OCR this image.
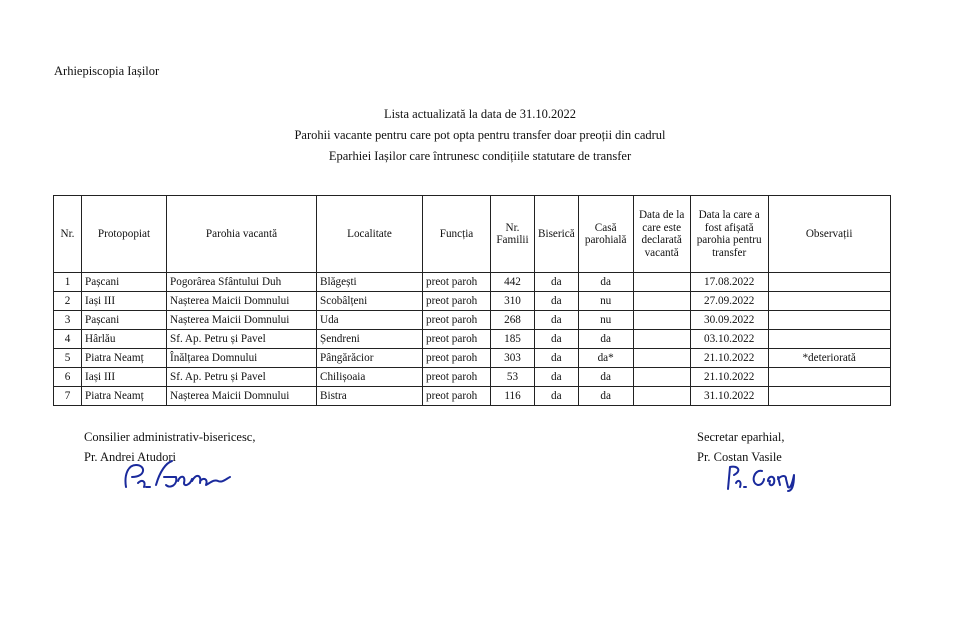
Arhiepiscopia Iașilor
Lista actualizată la data de 31.10.2022
Parohii vacante pentru care pot opta pentru transfer doar preoții din cadrul
Eparhiei Iașilor care întrunesc condițiile statutare de transfer
Nr.	Protopopiat	Parohia vacantă	Localitate	Funcția	Nr. Familii	Biserică	Casă parohială	Data de la care este declarată vacantă	Data la care a fost afișată parohia pentru transfer	Observații
1	Pașcani	Pogorârea Sfântului Duh	Blăgești	preot paroh	442	da	da		17.08.2022	
2	Iași III	Nașterea Maicii Domnului	Scobâlțeni	preot paroh	310	da	nu		27.09.2022	
3	Pașcani	Nașterea Maicii Domnului	Uda	preot paroh	268	da	nu		30.09.2022	
4	Hârlău	Sf. Ap. Petru și Pavel	Șendreni	preot paroh	185	da	da		03.10.2022	
5	Piatra Neamț	Înălțarea Domnului	Pângărăcior	preot paroh	303	da	da*		21.10.2022	*deteriorată
6	Iași III	Sf. Ap. Petru și Pavel	Chilișoaia	preot paroh	53	da	da		21.10.2022	
7	Piatra Neamț	Nașterea Maicii Domnului	Bistra	preot paroh	116	da	da		31.10.2022	
Consilier administrativ-bisericesc,
Pr. Andrei Atudori
Secretar eparhial,
Pr. Costan Vasile
